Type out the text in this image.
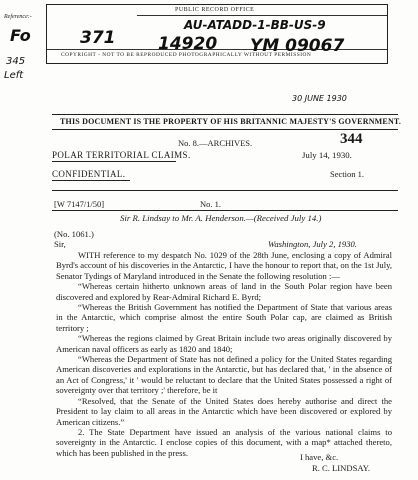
PUBLIC RECORD OFFICE
COPYRIGHT - NOT TO BE REPRODUCED PHOTOGRAPHICALLY WITHOUT PERMISSION
Reference:-
Fo	371	14920 YM 09067
AU-ATADD-1-BB-US-9
345
Left
30 JUNE 1930
THIS DOCUMENT IS THE PROPERTY OF HIS BRITANNIC MAJESTY'S GOVERNMENT.
No. 8.—ARCHIVES.	344
POLAR TERRITORIAL CLAIMS.	July 14, 1930.
CONFIDENTIAL.	Section 1.
[W 7147/1/50]	No. 1.
Sir R. Lindsay to Mr. A. Henderson.—(Received July 14.)
(No. 1061.)
Sir,	Washington, July 2, 1930.

WITH reference to my despatch No. 1029 of the 28th June, enclosing a copy of Admiral Byrd's account of his discoveries in the Antarctic, I have the honour to report that, on the 1st July, Senator Tydings of Maryland introduced in the Senate the following resolution :—

“Whereas certain hitherto unknown areas of land in the South Polar region have been discovered and explored by Rear-Admiral Richard E. Byrd;

“Whereas the British Government has notified the Department of State that various areas in the Antarctic, which comprise almost the entire South Polar cap, are claimed as British territory ;

“Whereas the regions claimed by Great Britain include two areas originally discovered by American naval officers as early as 1820 and 1840;

“Whereas the Department of State has not defined a policy for the United States regarding American discoveries and explorations in the Antarctic, but has declared that, ' in the absence of an Act of Congress,' it ' would be reluctant to declare that the United States possessed a right of sovereignty over that territory ;' therefore, be it

“Resolved, that the Senate of the United States does hereby authorise and direct the President to lay claim to all areas in the Antarctic which have been discovered or explored by American citizens.”

2. The State Department have issued an analysis of the various national claims to sovereignty in the Antarctic. I enclose copies of this document, with a map* attached thereto, which has been published in the press.	I have, &c.
R. C. LINDSAY.
